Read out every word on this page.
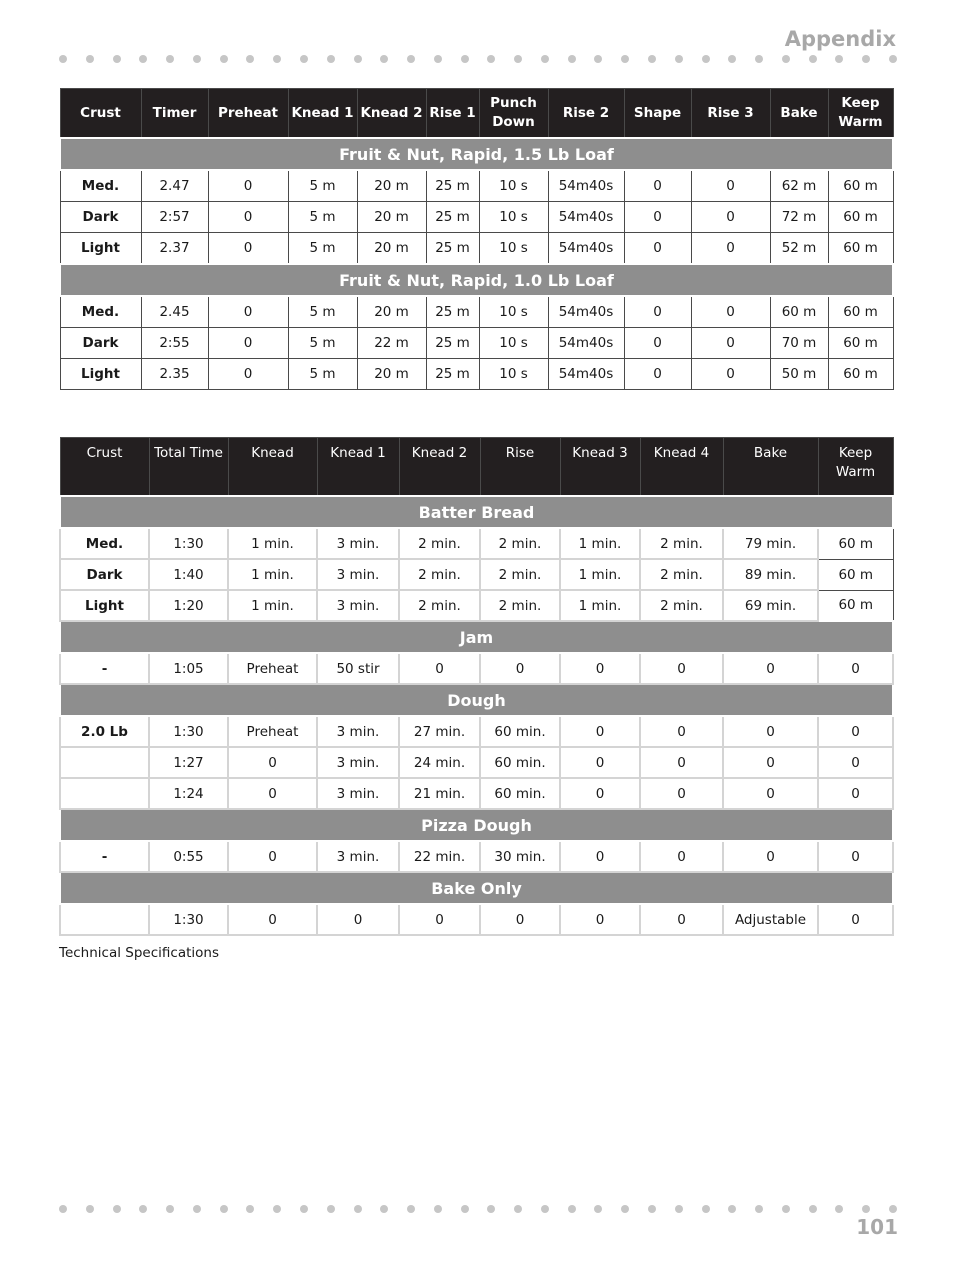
Appendix
Crust	Timer	Preheat	Knead 1	Knead 2	Rise 1	Punch Down	Rise 2	Shape	Rise 3	Bake	Keep Warm
Fruit & Nut, Rapid, 1.5 Lb Loaf											
Med.	2.47	0	5 m	20 m	25 m	10 s	54m40s	0	0	62 m	60 m
Dark	2:57	0	5 m	20 m	25 m	10 s	54m40s	0	0	72 m	60 m
Light	2.37	0	5 m	20 m	25 m	10 s	54m40s	0	0	52 m	60 m
Fruit & Nut, Rapid, 1.0 Lb Loaf											
Med.	2.45	0	5 m	20 m	25 m	10 s	54m40s	0	0	60 m	60 m
Dark	2:55	0	5 m	22 m	25 m	10 s	54m40s	0	0	70 m	60 m
Light	2.35	0	5 m	20 m	25 m	10 s	54m40s	0	0	50 m	60 m
Crust	Total Time	Knead	Knead 1	Knead 2	Rise	Knead 3	Knead 4	Bake	Keep Warm
Batter Bread									
Med.	1:30	1 min.	3 min.	2 min.	2 min.	1 min.	2 min.	79 min.	60 m
Dark	1:40	1 min.	3 min.	2 min.	2 min.	1 min.	2 min.	89 min.	60 m
Light	1:20	1 min.	3 min.	2 min.	2 min.	1 min.	2 min.	69 min.	60 m
Jam									
-	1:05	Preheat	50 stir	0	0	0	0	0	0
Dough									
2.0 Lb	1:30	Preheat	3 min.	27 min.	60 min.	0	0	0	0
	1:27	0	3 min.	24 min.	60 min.	0	0	0	0
	1:24	0	3 min.	21 min.	60 min.	0	0	0	0
Pizza Dough									
-	0:55	0	3 min.	22 min.	30 min.	0	0	0	0
Bake Only									
	1:30	0	0	0	0	0	0	Adjustable	0
Technical Specifications
101
